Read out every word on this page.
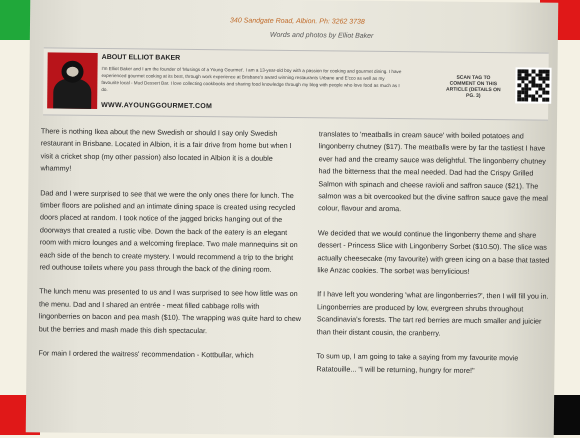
340 Sandgate Road, Albion. Ph: 3262 3738
Words and photos by Elliot Baker
ABOUT ELLIOT BAKER
I'm Elliot Baker and I am the founder of 'Musings of a Young Gourmet'. I am a 13-year-old boy with a passion for cooking and gourmet dining. I have experienced gourmet cooking at its best, through work experience at Brisbane's award winning restaurants Urbane and E'cco as well as my favourite local - Mud Dessert Bar. I love collecting cookbooks and sharing food knowledge through my blog with people who love food as much as I do.
WWW.AYOUNGGOURMET.COM
SCAN TAG TO COMMENT ON THIS ARTICLE (DETAILS ON PG. 3)

There is nothing Ikea about the new Swedish or should I say only Swedish restaurant in Brisbane. Located in Albion, it is a fair drive from home but when I visit a cricket shop (my other passion) also located in Albion it is a double whammy!

Dad and I were surprised to see that we were the only ones there for lunch. The timber floors are polished and an intimate dining space is created using recycled doors placed at random. I took notice of the jagged bricks hanging out of the doorways that created a rustic vibe. Down the back of the eatery is an elegant room with micro lounges and a welcoming fireplace. Two male mannequins sit on each side of the bench to create mystery. I would recommend a trip to the bright red outhouse toilets where you pass through the back of the dining room.

The lunch menu was presented to us and I was surprised to see how little was on the menu. Dad and I shared an entrée - meat filled cabbage rolls with lingonberries on bacon and pea mash ($10). The wrapping was quite hard to chew but the berries and mash made this dish spectacular.

For main I ordered the waitress' recommendation - Kottbullar, which

translates to 'meatballs in cream sauce' with boiled potatoes and lingonberry chutney ($17). The meatballs were by far the tastiest I have ever had and the creamy sauce was delightful. The lingonberry chutney had the bitterness that the meal needed. Dad had the Crispy Grilled Salmon with spinach and cheese ravioli and saffron sauce ($21). The salmon was a bit overcooked but the divine saffron sauce gave the meal colour, flavour and aroma.

We decided that we would continue the lingonberry theme and share dessert - Princess Slice with Lingonberry Sorbet ($10.50). The slice was actually cheesecake (my favourite) with green icing on a base that tasted like Anzac cookies. The sorbet was berrylicious!

If I have left you wondering 'what are lingonberries?', then I will fill you in. Lingonberries are produced by low, evergreen shrubs throughout Scandinavia's forests. The tart red berries are much smaller and juicier than their distant cousin, the cranberry.

To sum up, I am going to take a saying from my favourite movie Ratatouille... "I will be returning, hungry for more!"
